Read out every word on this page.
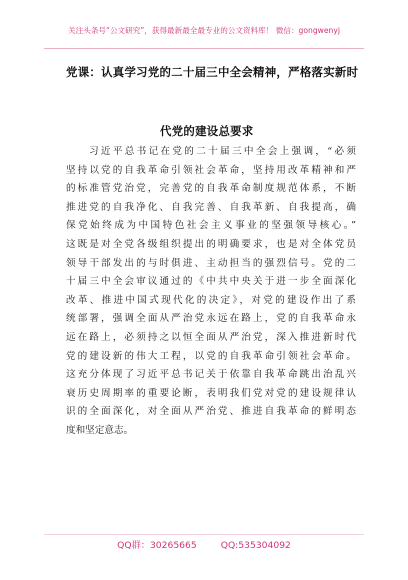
关注头条号“公文研究”，获得最新最全最专业的公文资料库！ 微信：gongwenyj
党课：认真学习党的二十届三中全会精神，严格落实新时
代党的建设总要求
习近平总书记在党的二十届三中全会上强调，“必须
坚持以党的自我革命引领社会革命，坚持用改革精神和严
的标准管党治党，完善党的自我革命制度规范体系，不断
推进党的自我净化、自我完善、自我革新、自我提高，确
保党始终成为中国特色社会主义事业的坚强领导核心。”
这既是对全党各级组织提出的明确要求，也是对全体党员
领导干部发出的与时俱进、主动担当的强烈信号。党的二
十届三中全会审议通过的《中共中央关于进一步全面深化
改革、推进中国式现代化的决定》，对党的建设作出了系
统部署，强调全面从严治党永远在路上，党的自我革命永
远在路上，必须持之以恒全面从严治党，深入推进新时代
党的建设新的伟大工程，以党的自我革命引领社会革命。
这充分体现了习近平总书记关于依靠自我革命跳出治乱兴
衰历史周期率的重要论断，表明我们党对党的建设规律认
识的全面深化，对全面从严治党、推进自我革命的鲜明态
度和坚定意志。
QQ群：30265665	QQ:535304092
